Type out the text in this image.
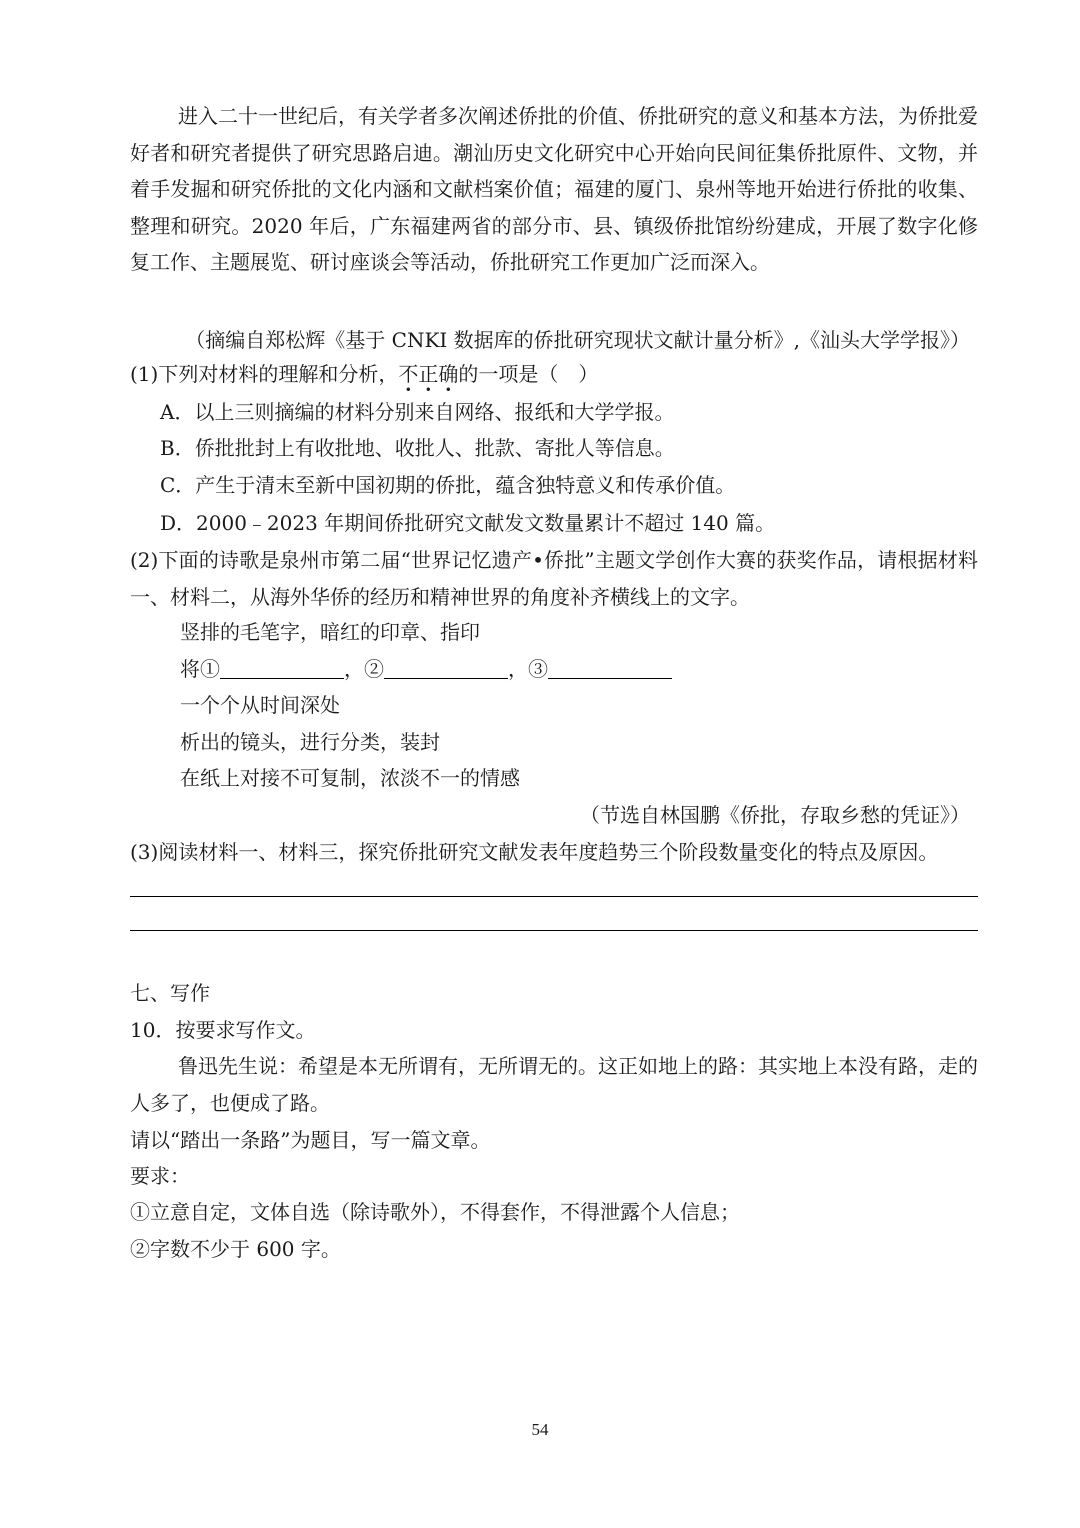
进入二十一世纪后，有关学者多次阐述侨批的价值、侨批研究的意义和基本方法，为侨批爱好者和研究者提供了研究思路启迪。潮汕历史文化研究中心开始向民间征集侨批原件、文物，并着手发掘和研究侨批的文化内涵和文献档案价值；福建的厦门、泉州等地开始进行侨批的收集、整理和研究。2020 年后，广东福建两省的部分市、县、镇级侨批馆纷纷建成，开展了数字化修复工作、主题展览、研讨座谈会等活动，侨批研究工作更加广泛而深入。

（摘编自郑松辉《基于 CNKI 数据库的侨批研究现状文献计量分析》,《汕头大学学报》）
(1)下列对材料的理解和分析，不正确的一项是（　）
A．以上三则摘编的材料分别来自网络、报纸和大学学报。
B．侨批批封上有收批地、收批人、批款、寄批人等信息。
C．产生于清末至新中国初期的侨批，蕴含独特意义和传承价值。
D．2000﹣2023 年期间侨批研究文献发文数量累计不超过 140 篇。

(2)下面的诗歌是泉州市第二届“世界记忆遗产•侨批”主题文学创作大赛的获奖作品，请根据材料一、材料二，从海外华侨的经历和精神世界的角度补齐横线上的文字。

竖排的毛笔字，暗红的印章、指印
将①	，②	，③
一个个从时间深处
析出的镜头，进行分类，装封
在纸上对接不可复制，浓淡不一的情感
（节选自林国鹏《侨批，存取乡愁的凭证》）
(3)阅读材料一、材料三，探究侨批研究文献发表年度趋势三个阶段数量变化的特点及原因。
七、写作
10．按要求写作文。

鲁迅先生说：希望是本无所谓有，无所谓无的。这正如地上的路：其实地上本没有路，走的人多了，也便成了路。

请以“踏出一条路”为题目，写一篇文章。
要求：
①立意自定，文体自选（除诗歌外），不得套作，不得泄露个人信息；
②字数不少于 600 字。
54
